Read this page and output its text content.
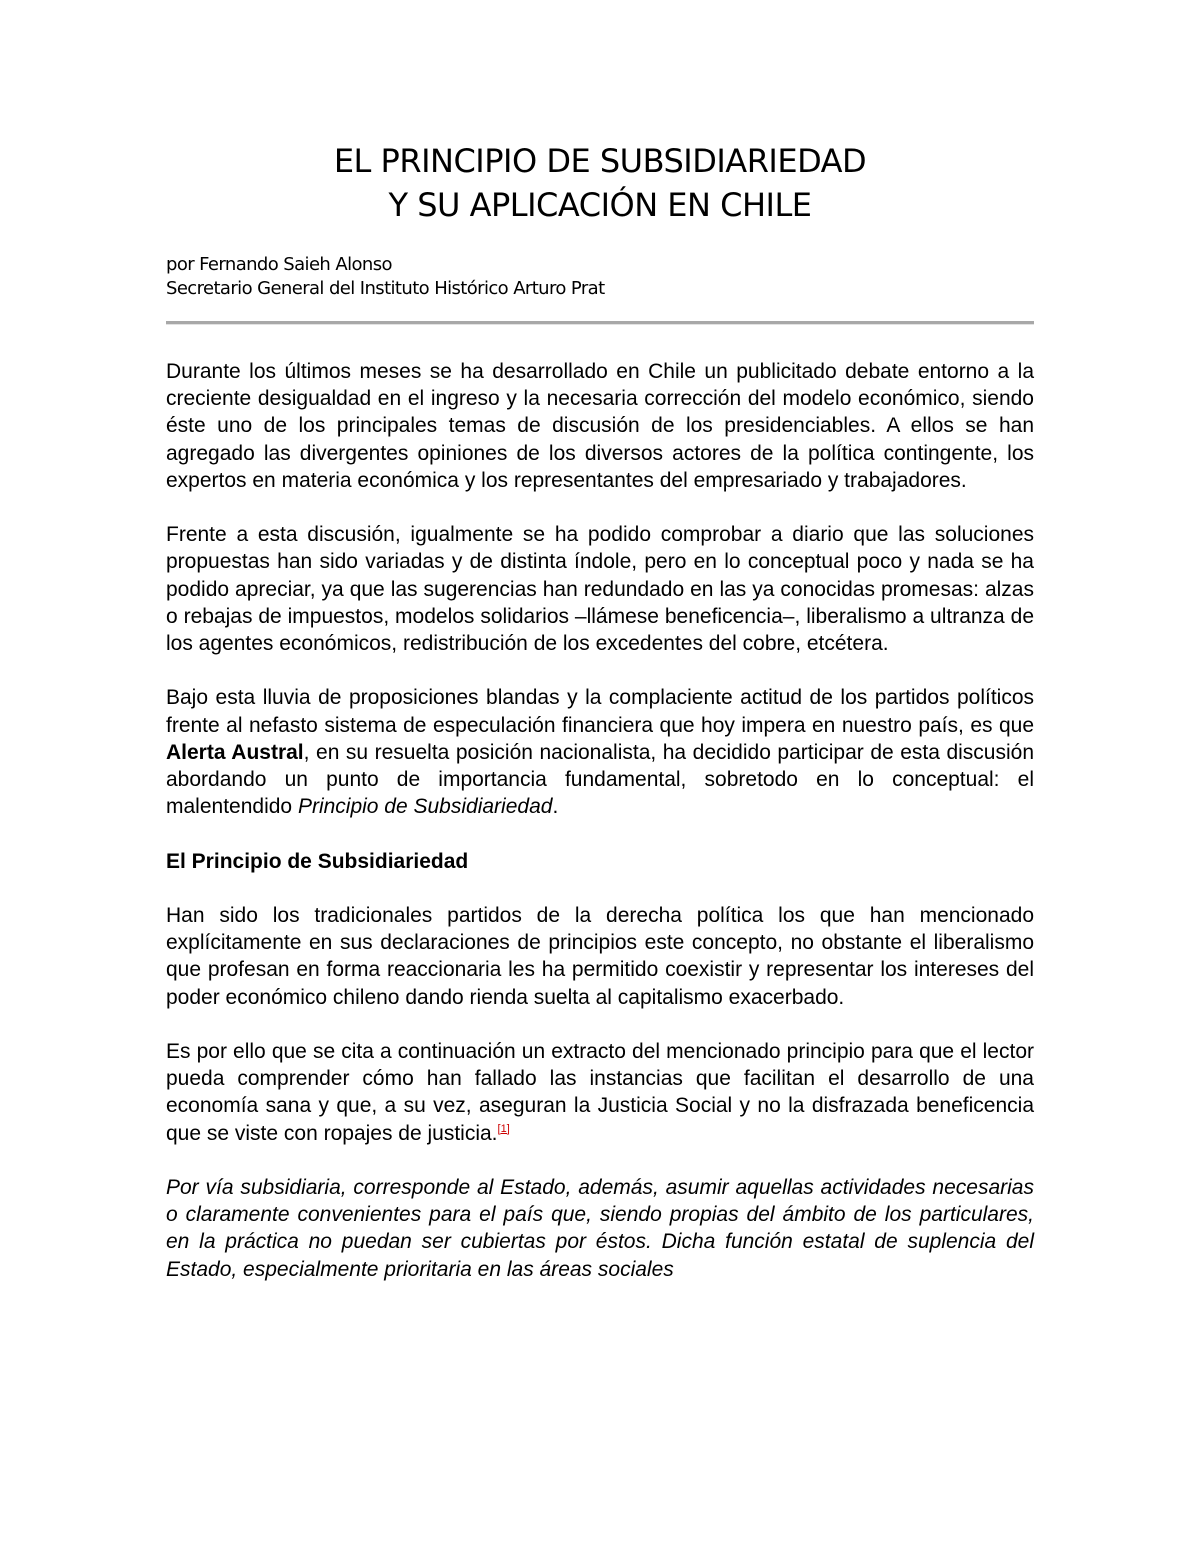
EL PRINCIPIO DE SUBSIDIARIEDAD
Y SU APLICACIÓN EN CHILE
por Fernando Saieh Alonso
Secretario General del Instituto Histórico Arturo Prat

Durante los últimos meses se ha desarrollado en Chile un publicitado debate entorno a la creciente desigualdad en el ingreso y la necesaria corrección del modelo económico, siendo éste uno de los principales temas de discusión de los presidenciables. A ellos se han agregado las divergentes opiniones de los diversos actores de la política contingente, los expertos en materia económica y los representantes del empresariado y trabajadores.

Frente a esta discusión, igualmente se ha podido comprobar a diario que las soluciones propuestas han sido variadas y de distinta índole, pero en lo conceptual poco y nada se ha podido apreciar, ya que las sugerencias han redundado en las ya conocidas promesas: alzas o rebajas de impuestos, modelos solidarios –llámese beneficencia–, liberalismo a ultranza de los agentes económicos, redistribución de los excedentes del cobre, etcétera.

Bajo esta lluvia de proposiciones blandas y la complaciente actitud de los partidos políticos frente al nefasto sistema de especulación financiera que hoy impera en nuestro país, es que Alerta Austral, en su resuelta posición nacionalista, ha decidido participar de esta discusión abordando un punto de importancia fundamental, sobretodo en lo conceptual: el malentendido Principio de Subsidiariedad.

El Principio de Subsidiariedad

Han sido los tradicionales partidos de la derecha política los que han mencionado explícitamente en sus declaraciones de principios este concepto, no obstante el liberalismo que profesan en forma reaccionaria les ha permitido coexistir y representar los intereses del poder económico chileno dando rienda suelta al capitalismo exacerbado.

Es por ello que se cita a continuación un extracto del mencionado principio para que el lector pueda comprender cómo han fallado las instancias que facilitan el desarrollo de una economía sana y que, a su vez, aseguran la Justicia Social y no la disfrazada beneficencia que se viste con ropajes de justicia.[1]

Por vía subsidiaria, corresponde al Estado, además, asumir aquellas actividades necesarias o claramente convenientes para el país que, siendo propias del ámbito de los particulares, en la práctica no puedan ser cubiertas por éstos. Dicha función estatal de suplencia del Estado, especialmente prioritaria en las áreas sociales
